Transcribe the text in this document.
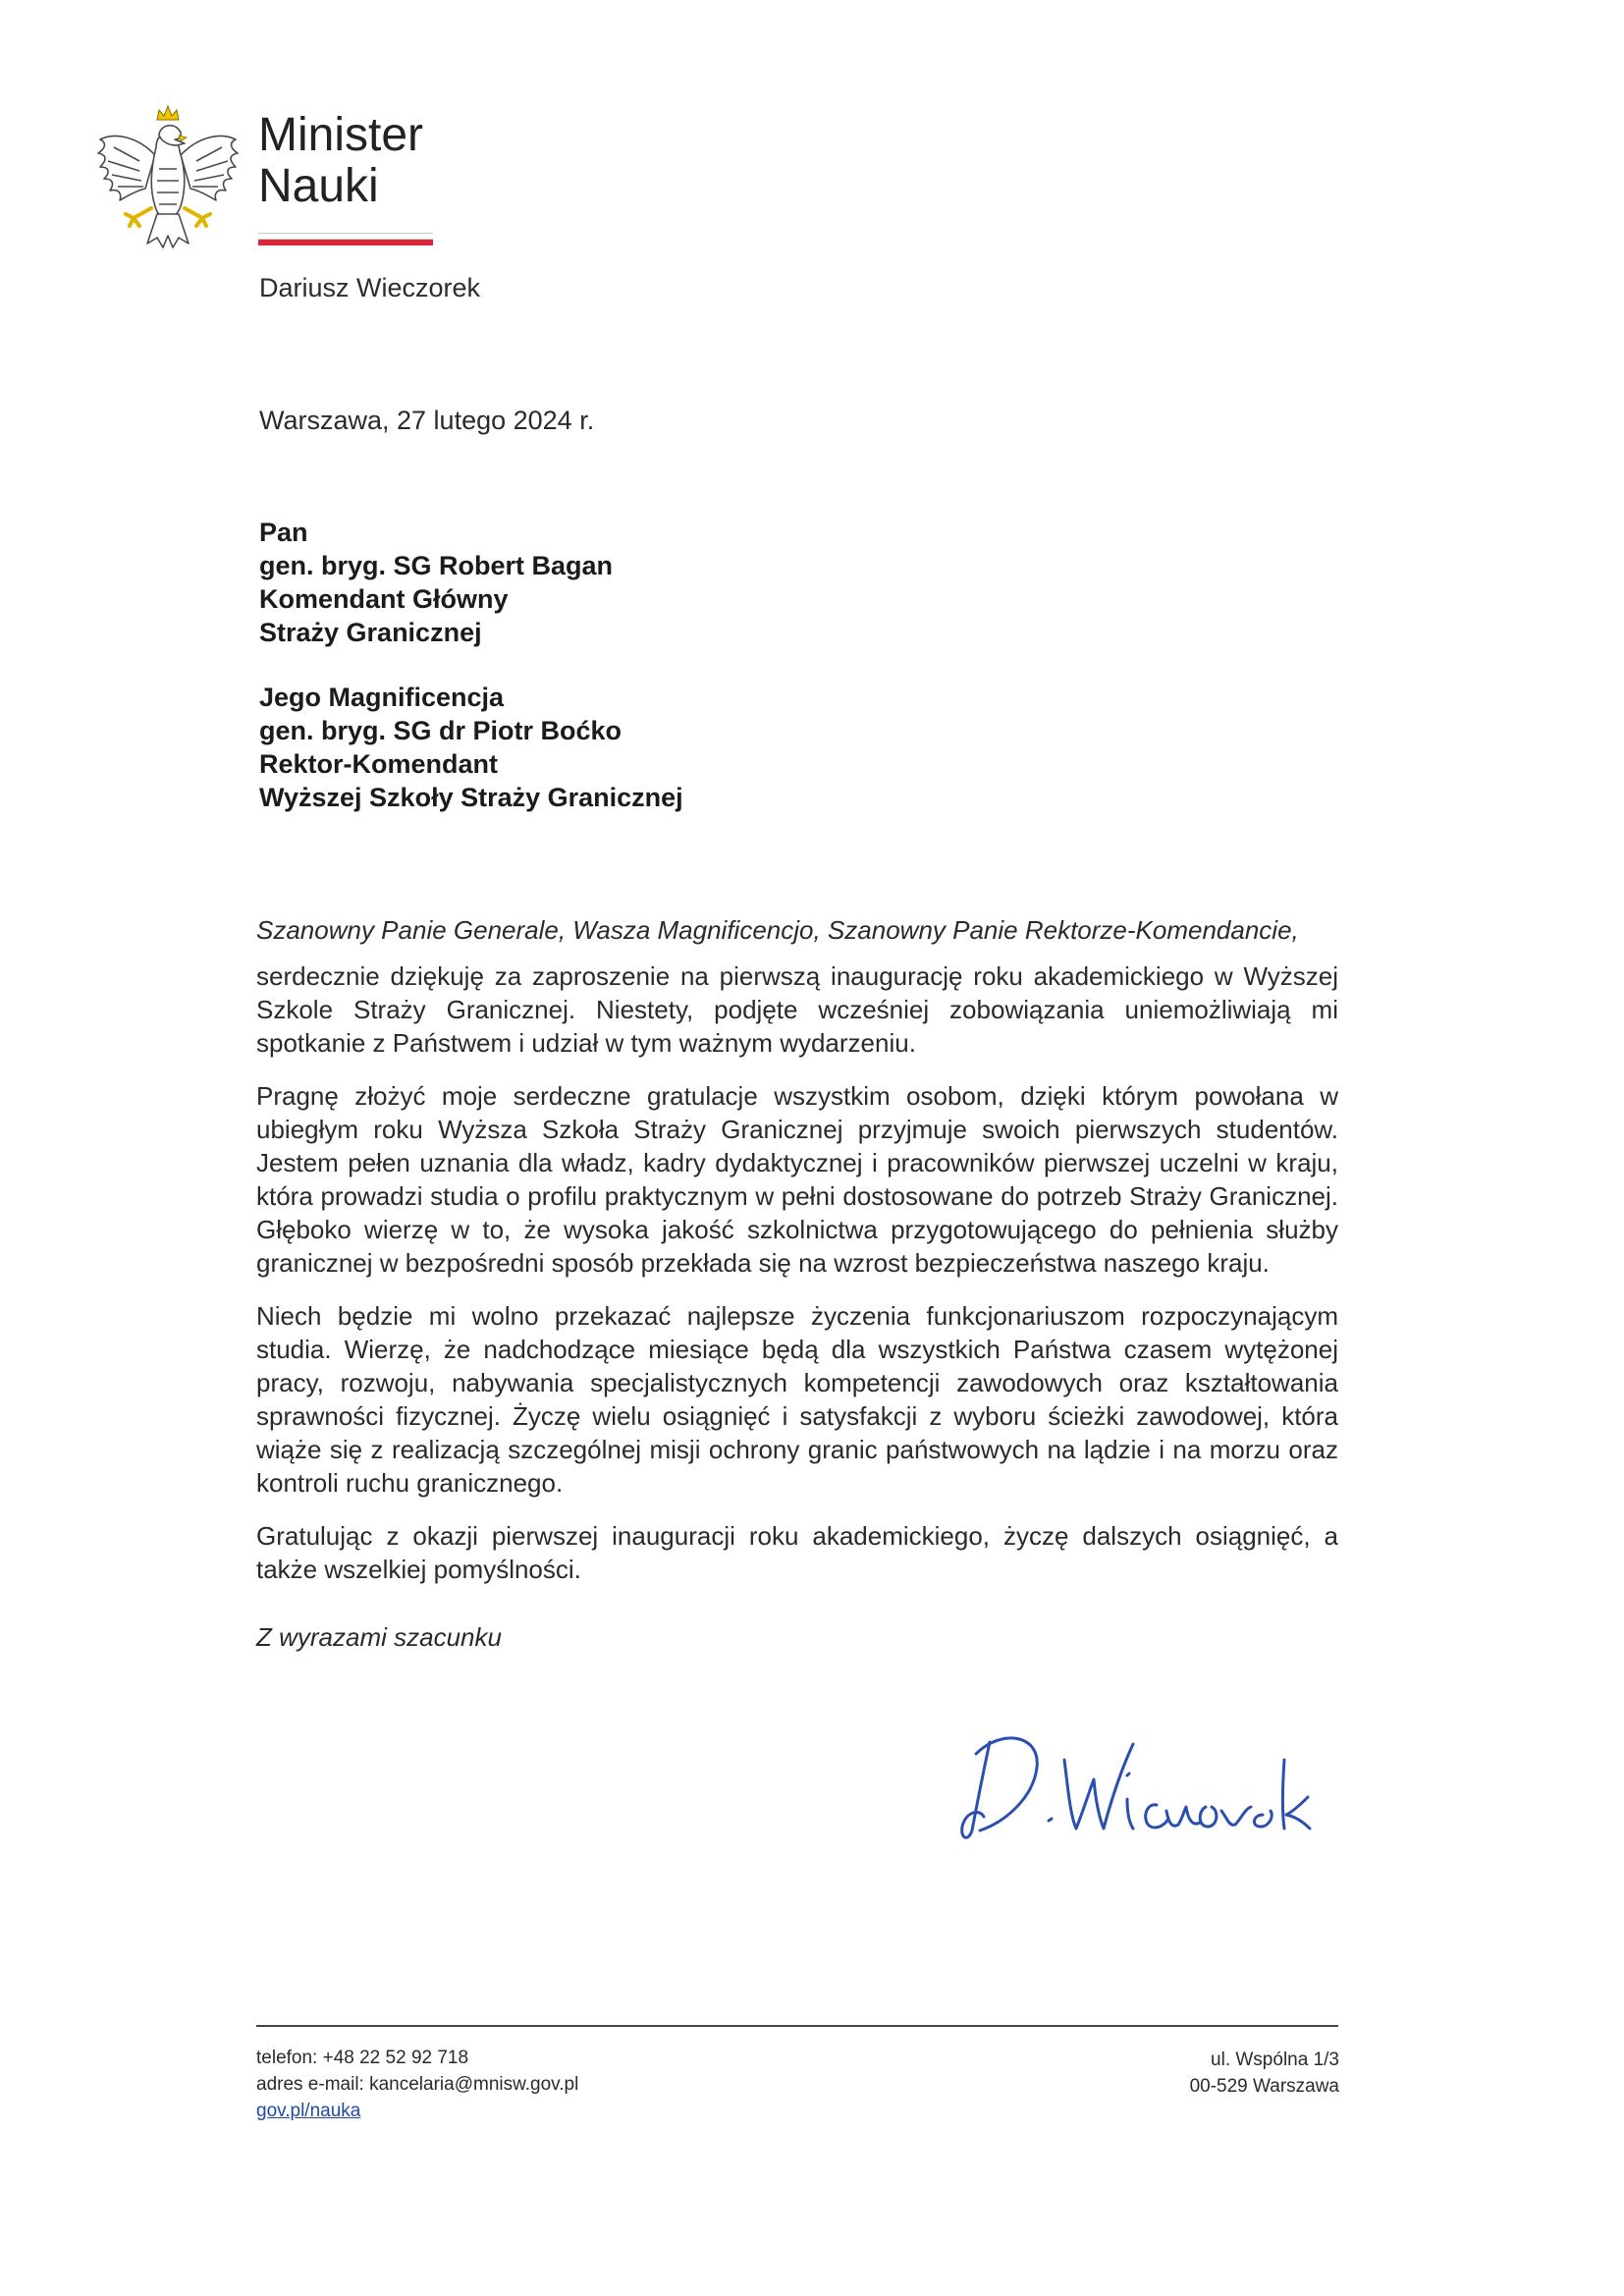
Minister
Nauki
Dariusz Wieczorek
Warszawa, 27 lutego 2024 r.
Pan
gen. bryg. SG Robert Bagan
Komendant Główny
Straży Granicznej
Jego Magnificencja
gen. bryg. SG dr Piotr Boćko
Rektor-Komendant
Wyższej Szkoły Straży Granicznej
Szanowny Panie Generale, Wasza Magnificencjo, Szanowny Panie Rektorze-Komendancie,

serdecznie dziękuję za zaproszenie na pierwszą inaugurację roku akademickiego w Wyższej Szkole Straży Granicznej. Niestety, podjęte wcześniej zobowiązania uniemożliwiają mi spotkanie z Państwem i udział w tym ważnym wydarzeniu.

Pragnę złożyć moje serdeczne gratulacje wszystkim osobom, dzięki którym powołana w ubiegłym roku Wyższa Szkoła Straży Granicznej przyjmuje swoich pierwszych studentów. Jestem pełen uznania dla władz, kadry dydaktycznej i pracowników pierwszej uczelni w kraju, która prowadzi studia o profilu praktycznym w pełni dostosowane do potrzeb Straży Granicznej. Głęboko wierzę w to, że wysoka jakość szkolnictwa przygotowującego do pełnienia służby granicznej w bezpośredni sposób przekłada się na wzrost bezpieczeństwa naszego kraju.

Niech będzie mi wolno przekazać najlepsze życzenia funkcjonariuszom rozpoczynającym studia. Wierzę, że nadchodzące miesiące będą dla wszystkich Państwa czasem wytężonej pracy, rozwoju, nabywania specjalistycznych kompetencji zawodowych oraz kształtowania sprawności fizycznej. Życzę wielu osiągnięć i satysfakcji z wyboru ścieżki zawodowej, która wiąże się z realizacją szczególnej misji ochrony granic państwowych na lądzie i na morzu oraz kontroli ruchu granicznego.

Gratulując z okazji pierwszej inauguracji roku akademickiego, życzę dalszych osiągnięć, a także wszelkiej pomyślności.

Z wyrazami szacunku
telefon: +48 22 52 92 718
adres e-mail: kancelaria@mnisw.gov.pl
gov.pl/nauka
ul. Wspólna 1/3
00-529 Warszawa
